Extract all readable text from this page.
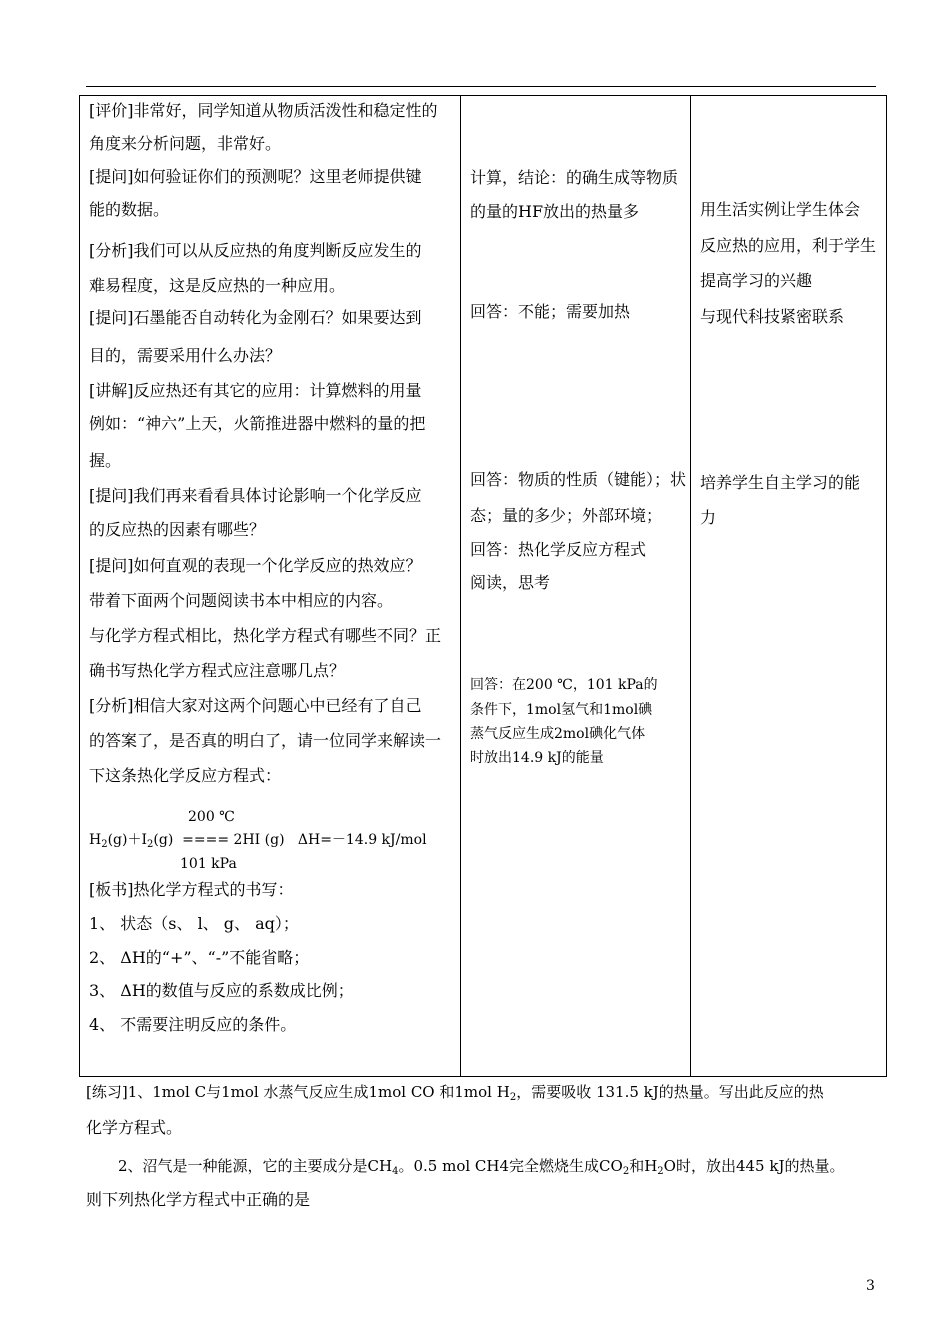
[评价]非常好，同学知道从物质活泼性和稳定性的
角度来分析问题，非常好。
[提问]如何验证你们的预测呢？这里老师提供键
能的数据。
[分析]我们可以从反应热的角度判断反应发生的
难易程度，这是反应热的一种应用。
[提问]石墨能否自动转化为金刚石？如果要达到
目的，需要采用什么办法？
[讲解]反应热还有其它的应用：计算燃料的用量
例如：“神六”上天，火箭推进器中燃料的量的把
握。
[提问]我们再来看看具体讨论影响一个化学反应
的反应热的因素有哪些？
[提问]如何直观的表现一个化学反应的热效应？
带着下面两个问题阅读书本中相应的内容。
与化学方程式相比，热化学方程式有哪些不同？正
确书写热化学方程式应注意哪几点？
[分析]相信大家对这两个问题心中已经有了自己
的答案了，是否真的明白了，请一位同学来解读一
下这条热化学反应方程式：
200 ℃
$H_2(g)+I_2(g)$  ==== 2HI (g)   ΔH=－14.9 kJ/mol
101 kPa
[板书]热化学方程式的书写：
1、 状态（s、 l、 g、 aq）；
2、 ΔH的“+”、“-”不能省略；
3、 ΔH的数值与反应的系数成比例；
4、 不需要注明反应的条件。

计算，结论：的确生成等物质
的量的HF放出的热量多
回答：不能；需要加热
回答：物质的性质（键能）；状
态；量的多少；外部环境；
回答：热化学反应方程式
阅读，思考
回答：在200 ℃，101 kPa的
条件下，1mol氢气和1mol碘
蒸气反应生成2mol碘化气体
时放出14.9 kJ的能量

用生活实例让学生体会
反应热的应用，利于学生
提高学习的兴趣
与现代科技紧密联系
培养学生自主学习的能
力
[练习]1、1mol C与1mol 水蒸气反应生成1mol CO 和1mol $H_2$，需要吸收 131.5 kJ的热量。写出此反应的热
化学方程式。
2、沼气是一种能源，它的主要成分是$CH_4$。0.5 mol CH4完全燃烧生成$CO_2$和$H_2O$时，放出445 kJ的热量。
则下列热化学方程式中正确的是
3
